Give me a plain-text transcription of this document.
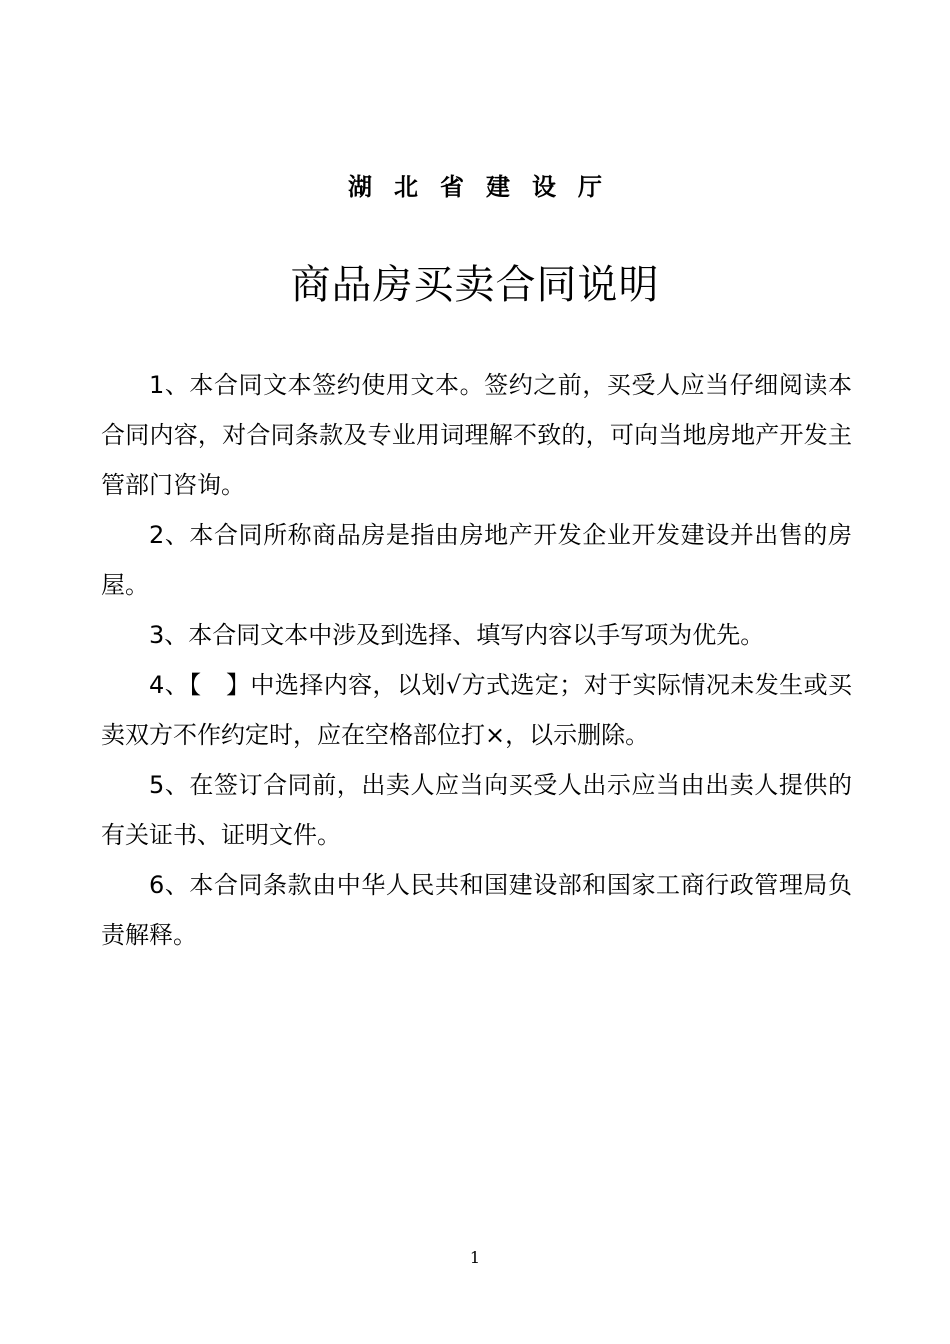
湖北省建设厅
商品房买卖合同说明

1、本合同文本签约使用文本。签约之前，买受人应当仔细阅读本合同内容，对合同条款及专业用词理解不致的，可向当地房地产开发主管部门咨询。

2、本合同所称商品房是指由房地产开发企业开发建设并出售的房屋。

3、本合同文本中涉及到选择、填写内容以手写项为优先。

4、【　】中选择内容，以划√方式选定；对于实际情况未发生或买卖双方不作约定时，应在空格部位打×，以示删除。

5、在签订合同前，出卖人应当向买受人出示应当由出卖人提供的有关证书、证明文件。

6、本合同条款由中华人民共和国建设部和国家工商行政管理局负责解释。

1
